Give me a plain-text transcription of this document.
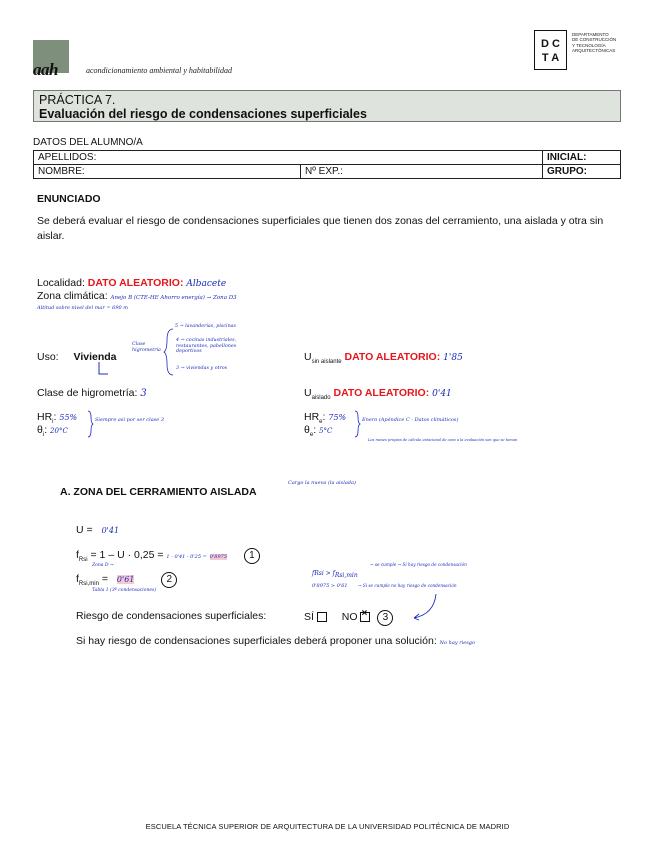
aah	acondicionamiento ambiental y habitabilidad
D C
T A
DEPARTAMENTO
DE CONSTRUCCIÓN
Y TECNOLOGÍA
ARQUITECTÓNICAS
PRÁCTICA 7.
Evaluación del riesgo de condensaciones superficiales
DATOS DEL ALUMNO/A
APELLIDOS:		INICIAL:
NOMBRE:	Nº EXP.:	GRUPO:
ENUNCIADO
Se deberá evaluar el riesgo de condensaciones superficiales que tienen dos zonas del cerramiento, una aislada y otra sin aislar.
Localidad: DATO ALEATORIO: Albacete
Zona climática: Anejo B (CTE-HE Ahorro energía) → Zona D3
Altitud sobre nivel del mar = 690 m
Uso: Vivienda
5 → lavanderías, piscinas
Clase higrometría
4 → cocinas industriales, restaurantes, pabellones deportivos
3 → viviendas y otros
$U_{sin aislante}$ DATO ALEATORIO: 1'85
$U_{aislado}$ DATO ALEATORIO: 0'41
Clase de higrometría: 3
$HR_i$: 55%
$\theta_i$: 20°C
Siempre así por ser clase 3	$HR_e$: 75%
$\theta_e$: 5°C
Enero (Apéndice C - Datos climáticos)
Los meses propios de cálculo estacional de cara a la evaluación son que se toman
A. ZONA DEL CERRAMIENTO AISLADA
Cargo la nueva (la aislada)
U = 0'41
$f_{Rsi} = 1 - U \cdot 0,25 = 1 - 0'41 \cdot 0'25 = 0'8975$ 1
Zona D →
$f_{Rsi,min} = 0'61$	2
Tabla 1 (3º condensaciones)
fRsi > $f_{Rsi,min}$
→ se cumple → Si hay riesgo de condensación
0'8975 > 0'61 → Si se cumple no hay riesgo de condensación
Riesgo de condensaciones superficiales:	SÍ	NO ×	3
Si hay riesgo de condensaciones superficiales deberá proponer una solución: No hay riesgo
ESCUELA TÉCNICA SUPERIOR DE ARQUITECTURA DE LA UNIVERSIDAD POLITÉCNICA DE MADRID
